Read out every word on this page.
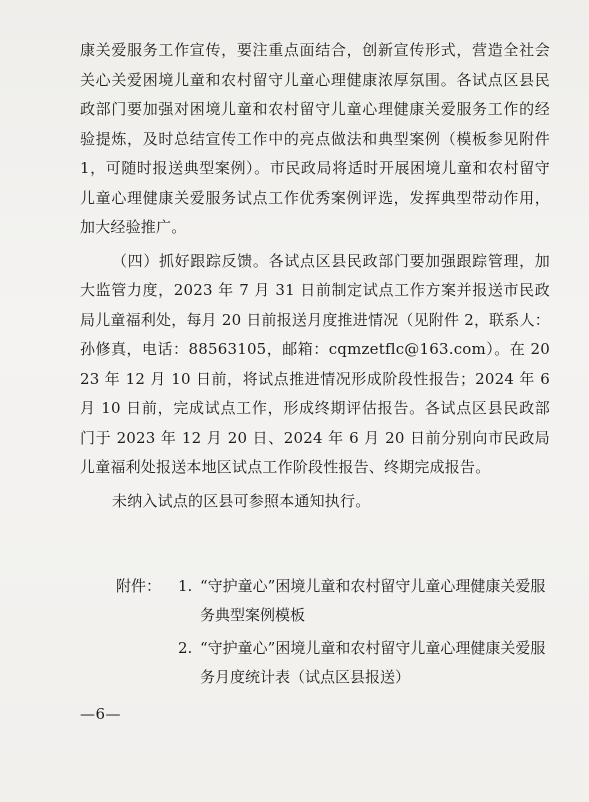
康关爱服务工作宣传，要注重点面结合，创新宣传形式，营造全社会关心关爱困境儿童和农村留守儿童心理健康浓厚氛围。各试点区县民政部门要加强对困境儿童和农村留守儿童心理健康关爱服务工作的经验提炼，及时总结宣传工作中的亮点做法和典型案例（模板参见附件1，可随时报送典型案例）。市民政局将适时开展困境儿童和农村留守儿童心理健康关爱服务试点工作优秀案例评选，发挥典型带动作用，加大经验推广。

（四）抓好跟踪反馈。各试点区县民政部门要加强跟踪管理，加大监管力度，2023 年 7 月 31 日前制定试点工作方案并报送市民政局儿童福利处，每月 20 日前报送月度推进情况（见附件 2，联系人：孙修真，电话：88563105，邮箱：cqmzetflc@163.com）。在 2023 年 12 月 10 日前，将试点推进情况形成阶段性报告；2024 年 6 月 10 日前，完成试点工作，形成终期评估报告。各试点区县民政部门于 2023 年 12 月 20 日、2024 年 6 月 20 日前分别向市民政局儿童福利处报送本地区试点工作阶段性报告、终期完成报告。

未纳入试点的区县可参照本通知执行。

附件：	1. “守护童心”困境儿童和农村留守儿童心理健康关爱服务典型案例模板
2. “守护童心”困境儿童和农村留守儿童心理健康关爱服务月度统计表（试点区县报送）
—6—
